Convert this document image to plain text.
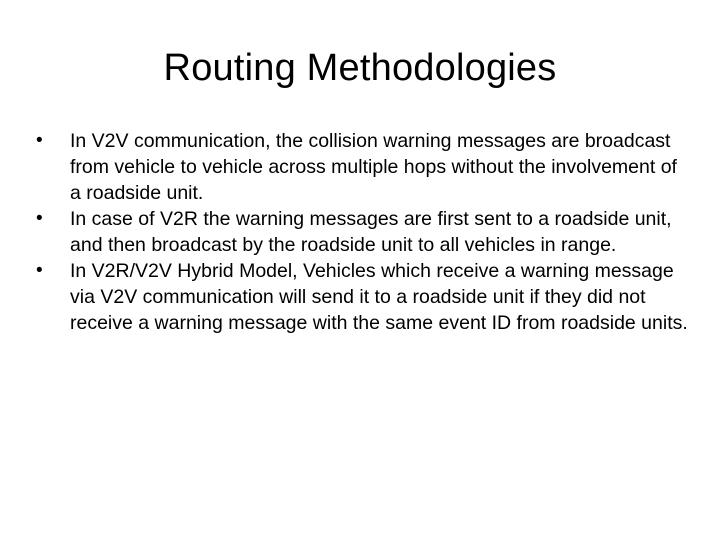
Routing Methodologies
•	In V2V communication, the collision warning messages are broadcast from vehicle to vehicle across multiple hops without the involvement of a roadside unit.
•	In case of V2R the warning messages are first sent to a roadside unit, and then broadcast by the roadside unit to all vehicles in range.
•	In V2R/V2V Hybrid Model, Vehicles which receive a warning message via V2V communication will send it to a roadside unit if they did not receive a warning message with the same event ID from roadside units.
